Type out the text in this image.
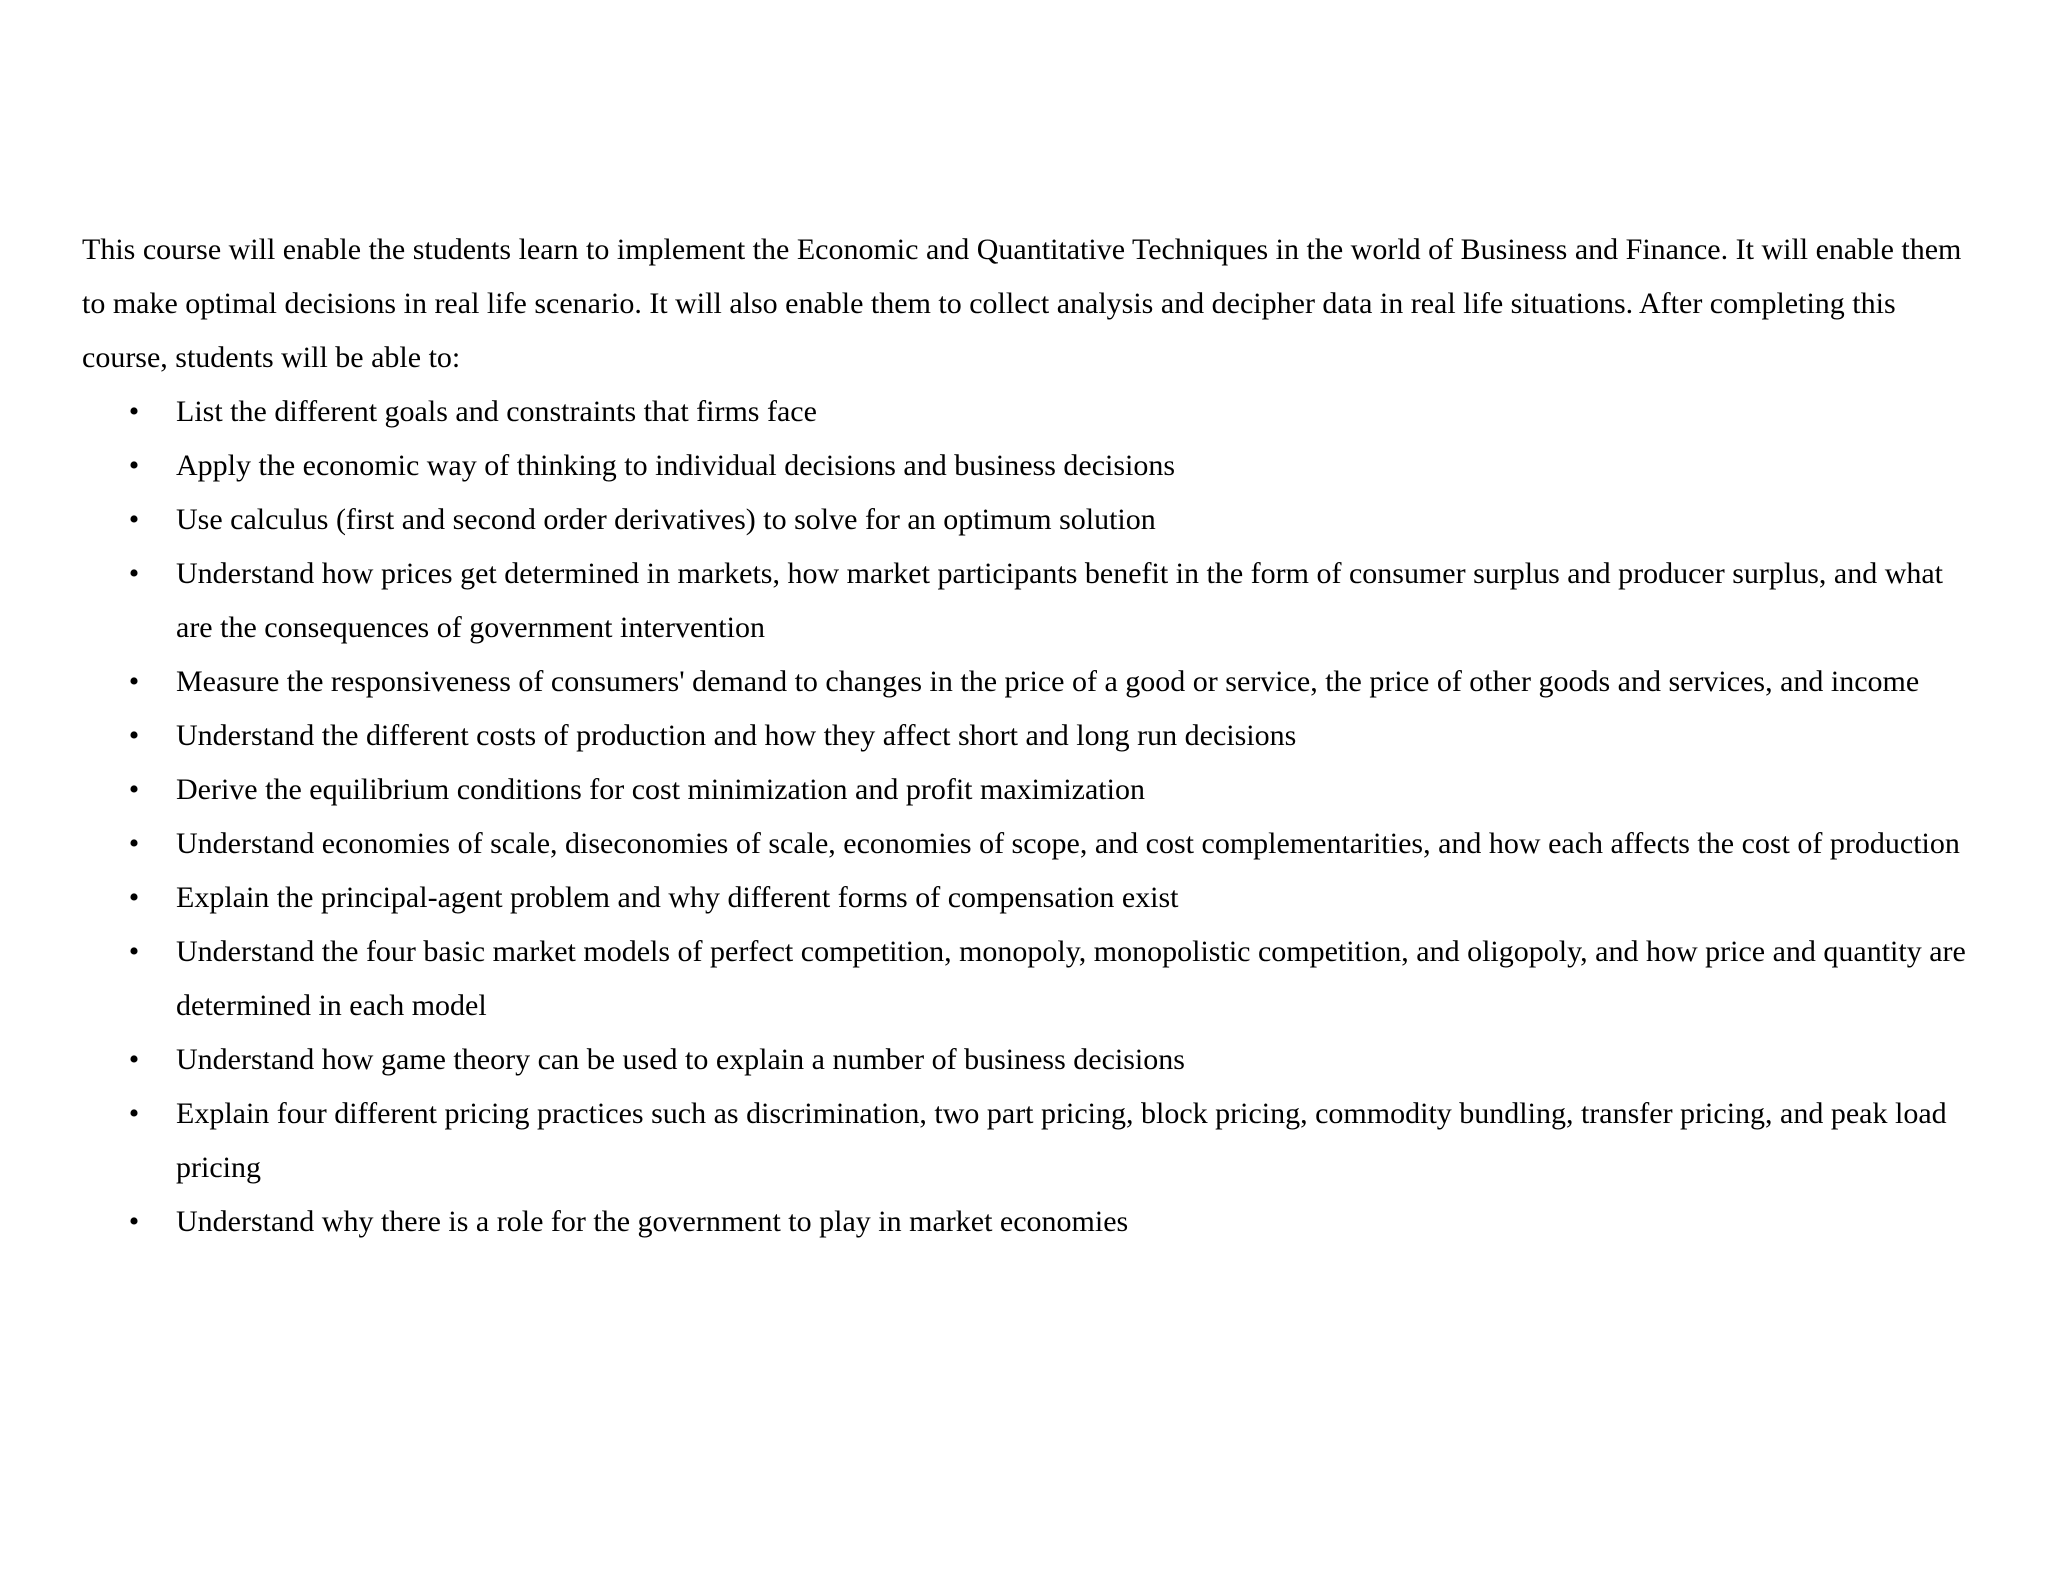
This course will enable the students learn to implement the Economic and Quantitative Techniques in the world of Business and Finance. It will enable them to make optimal decisions in real life scenario. It will also enable them to collect analysis and decipher data in real life situations. After completing this course, students will be able to:

• List the different goals and constraints that firms face
• Apply the economic way of thinking to individual decisions and business decisions
• Use calculus (first and second order derivatives) to solve for an optimum solution
• Understand how prices get determined in markets, how market participants benefit in the form of consumer surplus and producer surplus, and what are the consequences of government intervention
• Measure the responsiveness of consumers' demand to changes in the price of a good or service, the price of other goods and services, and income
• Understand the different costs of production and how they affect short and long run decisions
• Derive the equilibrium conditions for cost minimization and profit maximization
• Understand economies of scale, diseconomies of scale, economies of scope, and cost complementarities, and how each affects the cost of production
• Explain the principal-agent problem and why different forms of compensation exist
• Understand the four basic market models of perfect competition, monopoly, monopolistic competition, and oligopoly, and how price and quantity are determined in each model
• Understand how game theory can be used to explain a number of business decisions
• Explain four different pricing practices such as discrimination, two part pricing, block pricing, commodity bundling, transfer pricing, and peak load pricing
• Understand why there is a role for the government to play in market economies
